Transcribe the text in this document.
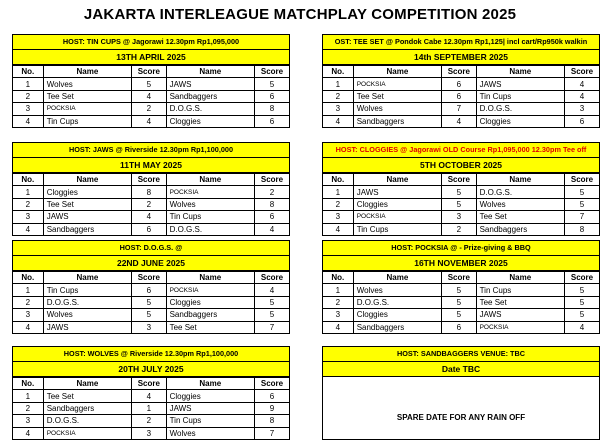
JAKARTA INTERLEAGUE MATCHPLAY COMPETITION 2025
HOST: TIN CUPS @ Jagorawi 12.30pm Rp1,095,000
13TH APRIL 2025
No.	Name	Score	Name	Score
1	Wolves	5	JAWS	5
2	Tee Set	4	Sandbaggers	6
3	POCKSIA	2	D.O.G.S.	8
4	Tin Cups	4	Cloggies	6
HOST: JAWS @ Riverside 12.30pm Rp1,100,000
11TH MAY 2025
No.	Name	Score	Name	Score
1	Cloggies	8	POCKSIA	2
2	Tee Set	2	Wolves	8
3	JAWS	4	Tin Cups	6
4	Sandbaggers	6	D.O.G.S.	4
HOST: D.O.G.S. @
22ND JUNE 2025
No.	Name	Score	Name	Score
1	Tin Cups	6	POCKSIA	4
2	D.O.G.S.	5	Cloggies	5
3	Wolves	5	Sandbaggers	5
4	JAWS	3	Tee Set	7
HOST: WOLVES @ Riverside 12.30pm Rp1,100,000
20TH JULY 2025
No.	Name	Score	Name	Score
1	Tee Set	4	Cloggies	6
2	Sandbaggers	1	JAWS	9
3	D.O.G.S.	2	Tin Cups	8
4	POCKSIA	3	Wolves	7
OST: TEE SET @ Pondok Cabe 12.30pm Rp1,125| incl cart/Rp950k walkin
14th SEPTEMBER 2025
No.	Name	Score	Name	Score
1	POCKSIA	6	JAWS	4
2	Tee Set	6	Tin Cups	4
3	Wolves	7	D.O.G.S.	3
4	Sandbaggers	4	Cloggies	6
HOST: CLOGGIES @ Jagorawi OLD Course Rp1,095,000 12.30pm Tee off
5TH OCTOBER 2025
No.	Name	Score	Name	Score
1	JAWS	5	D.O.G.S.	5
2	Cloggies	5	Wolves	5
3	POCKSIA	3	Tee Set	7
4	Tin Cups	2	Sandbaggers	8
HOST: POCKSIA @ - Prize-giving & BBQ
16TH NOVEMBER 2025
No.	Name	Score	Name	Score
1	Wolves	5	Tin Cups	5
2	D.O.G.S.	5	Tee Set	5
3	Cloggies	5	JAWS	5
4	Sandbaggers	6	POCKSIA	4
HOST: SANDBAGGERS VENUE: TBC
Date TBC
SPARE DATE FOR ANY RAIN OFF
